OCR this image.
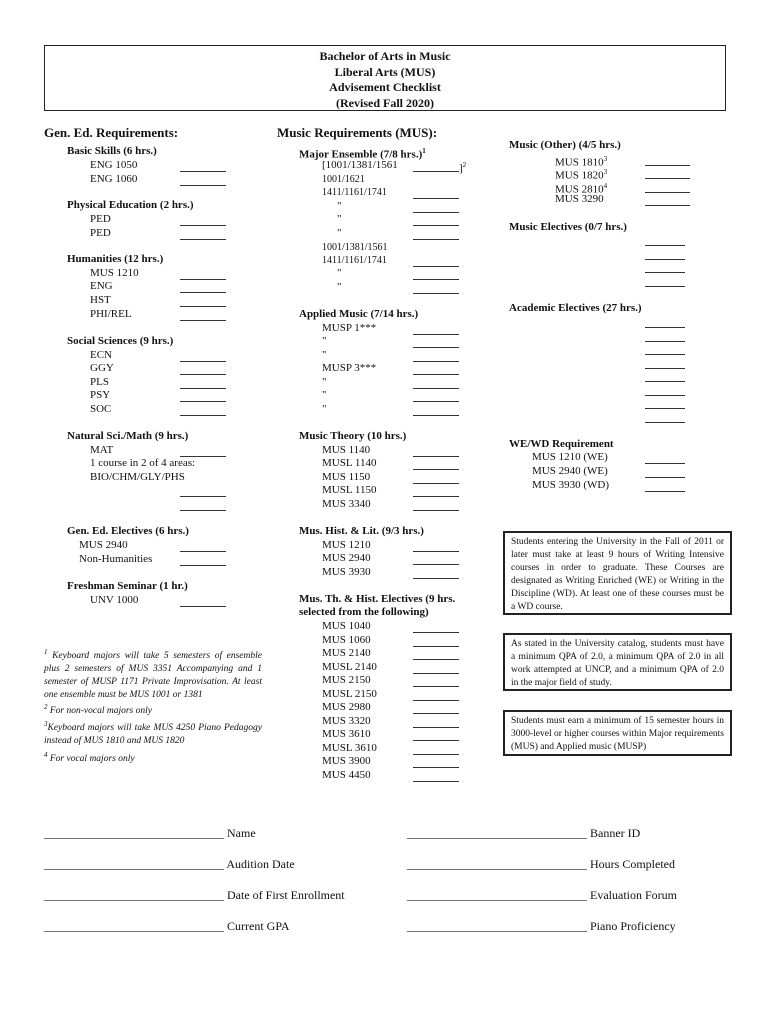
Bachelor of Arts in Music
Liberal Arts (MUS)
Advisement Checklist
(Revised Fall 2020)
Gen. Ed. Requirements:
Basic Skills (6 hrs.)
ENG 1050
ENG 1060
Physical Education (2 hrs.)
PED
PED
Humanities (12 hrs.)
MUS 1210
ENG
HST
PHI/REL
Social Sciences (9 hrs.)
ECN
GGY
PLS
PSY
SOC
Natural Sci./Math (9 hrs.)
MAT
1 course in 2 of 4 areas:
BIO/CHM/GLY/PHS
Gen. Ed. Electives (6 hrs.)
MUS 2940
Non-Humanities
Freshman Seminar (1 hr.)
UNV 1000
$^1$ Keyboard majors will take 5 semesters of ensemble plus 2 semesters of MUS 3351 Accompanying and 1 semester of MUSP 1171 Private Improvisation. At least one ensemble must be MUS 1001 or 1381
$^2$ For non-vocal majors only
$^3$Keyboard majors will take MUS 4250 Piano Pedagogy instead of MUS 1810 and MUS 1820
$^4$ For vocal majors only
Music Requirements (MUS):
Major Ensemble (7/8 hrs.)$^1$
[1001/1381/1561	]$^2$
1001/1621
1411/1161/1741
"
"
"
1001/1381/1561
1411/1161/1741
"
"
Applied Music (7/14 hrs.)
MUSP 1***
"
"
MUSP 3***
"
"
"
Music Theory (10 hrs.)
MUS 1140
MUSL 1140
MUS 1150
MUSL 1150
MUS 3340
Mus. Hist. & Lit. (9/3 hrs.)
MUS 1210
MUS 2940
MUS 3930
Mus. Th. & Hist. Electives (9 hrs.
selected from the following)
MUS 1040
MUS 1060
MUS 2140
MUSL 2140
MUS 2150
MUSL 2150
MUS 2980
MUS 3320
MUS 3610
MUSL 3610
MUS 3900
MUS 4450
Music (Other) (4/5 hrs.)
MUS 1810$^3$
MUS 1820$^3$
MUS 2810$^4$
MUS 3290
Music Electives (0/7 hrs.)
Academic Electives (27 hrs.)
WE/WD Requirement
MUS 1210 (WE)
MUS 2940 (WE)
MUS 3930 (WD)
Students entering the University in the Fall of 2011 or later must take at least 9 hours of Writing Intensive courses in order to graduate. These Courses are designated as Writing Enriched (WE) or Writing in the Discipline (WD). At least one of these courses must be a WD course.
As stated in the University catalog, students must have a minimum QPA of 2.0, a minimum QPA of 2.0 in all work attempted at UNCP, and a minimum QPA of 2.0 in the major field of study.
Students must earn a minimum of 15 semester hours in 3000-level or higher courses within Major requirements (MUS) and Applied music (MUSP)
______________________________ Name
______________________________ Audition Date
______________________________ Date of First Enrollment
______________________________ Current GPA
______________________________ Banner ID
______________________________ Hours Completed
______________________________ Evaluation Forum
______________________________ Piano Proficiency
